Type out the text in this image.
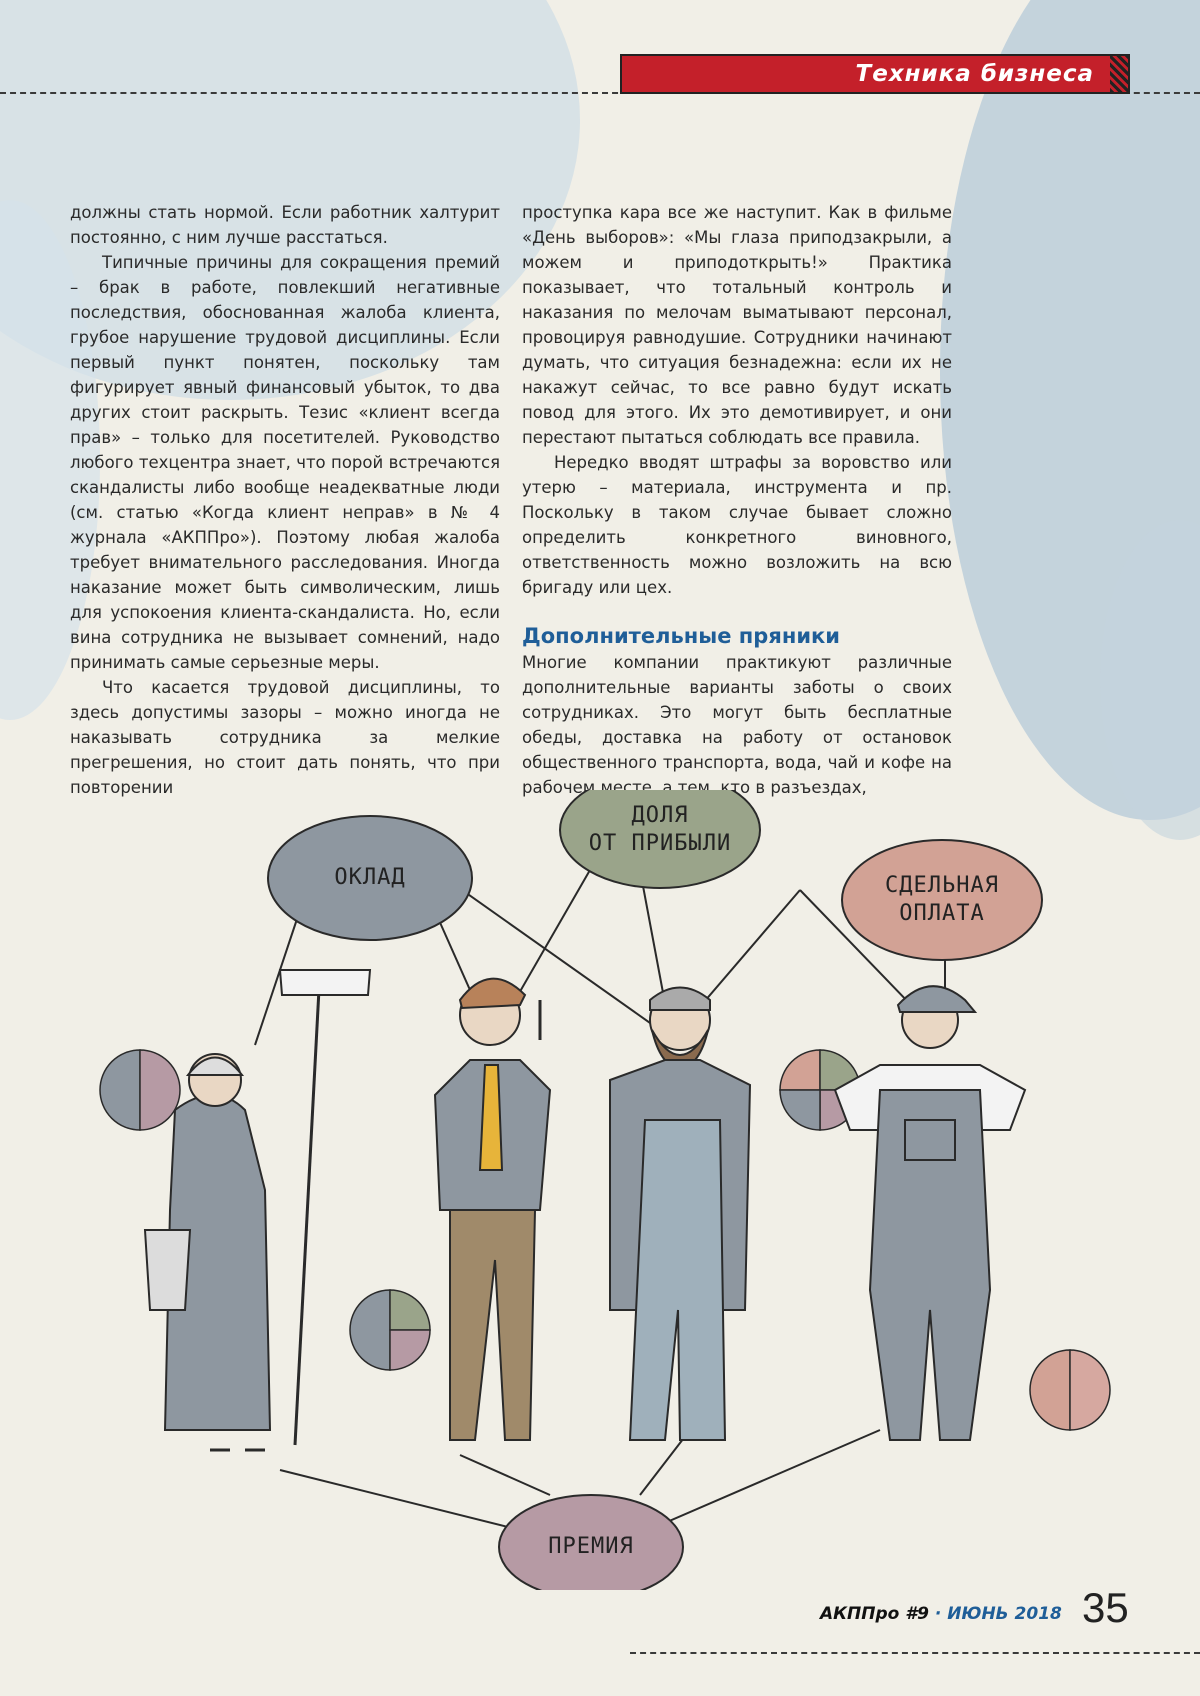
Техника бизнеса

должны стать нормой. Если работник халтурит постоянно, с ним лучше расстаться.

Типичные причины для сокращения премий – брак в работе, повлекший негативные последствия, обоснованная жалоба клиента, грубое нарушение трудовой дисциплины. Если первый пункт понятен, поскольку там фигурирует явный финансовый убыток, то два других стоит раскрыть. Тезис «клиент всегда прав» – только для посетителей. Руководство любого техцентра знает, что порой встречаются скандалисты либо вообще неадекватные люди (см. статью «Когда клиент неправ» в № 4 журнала «АКППро»). Поэтому любая жалоба требует внимательного расследования. Иногда наказание может быть символическим, лишь для успокоения клиента-скандалиста. Но, если вина сотрудника не вызывает сомнений, надо принимать самые серьезные меры.

Что касается трудовой дисциплины, то здесь допустимы зазоры – можно иногда не наказывать сотрудника за мелкие прегрешения, но стоит дать понять, что при повторении

проступка кара все же наступит. Как в фильме «День выборов»: «Мы глаза приподзакрыли, а можем и приподоткрыть!» Практика показывает, что тотальный контроль и наказания по мелочам выматывают персонал, провоцируя равнодушие. Сотрудники начинают думать, что ситуация безнадежна: если их не накажут сейчас, то все равно будут искать повод для этого. Их это демотивирует, и они перестают пытаться соблюдать все правила.

Нередко вводят штрафы за воровство или утерю – материала, инструмента и пр. Поскольку в таком случае бывает сложно определить конкретного виновного, ответственность можно возложить на всю бригаду или цех.

Дополнительные пряники

Многие компании практикуют различные дополнительные варианты заботы о своих сотрудниках. Это могут быть бесплатные обеды, доставка на работу от остановок общественного транспорта, вода, чай и кофе на рабочем месте, а тем, кто в разъездах,

ОКЛАД
ДОЛЯ
ОТ ПРИБЫЛИ
СДЕЛЬНАЯ
ОПЛАТА
ПРЕМИЯ
АКППро #9 · ИЮНЬ 2018 35
